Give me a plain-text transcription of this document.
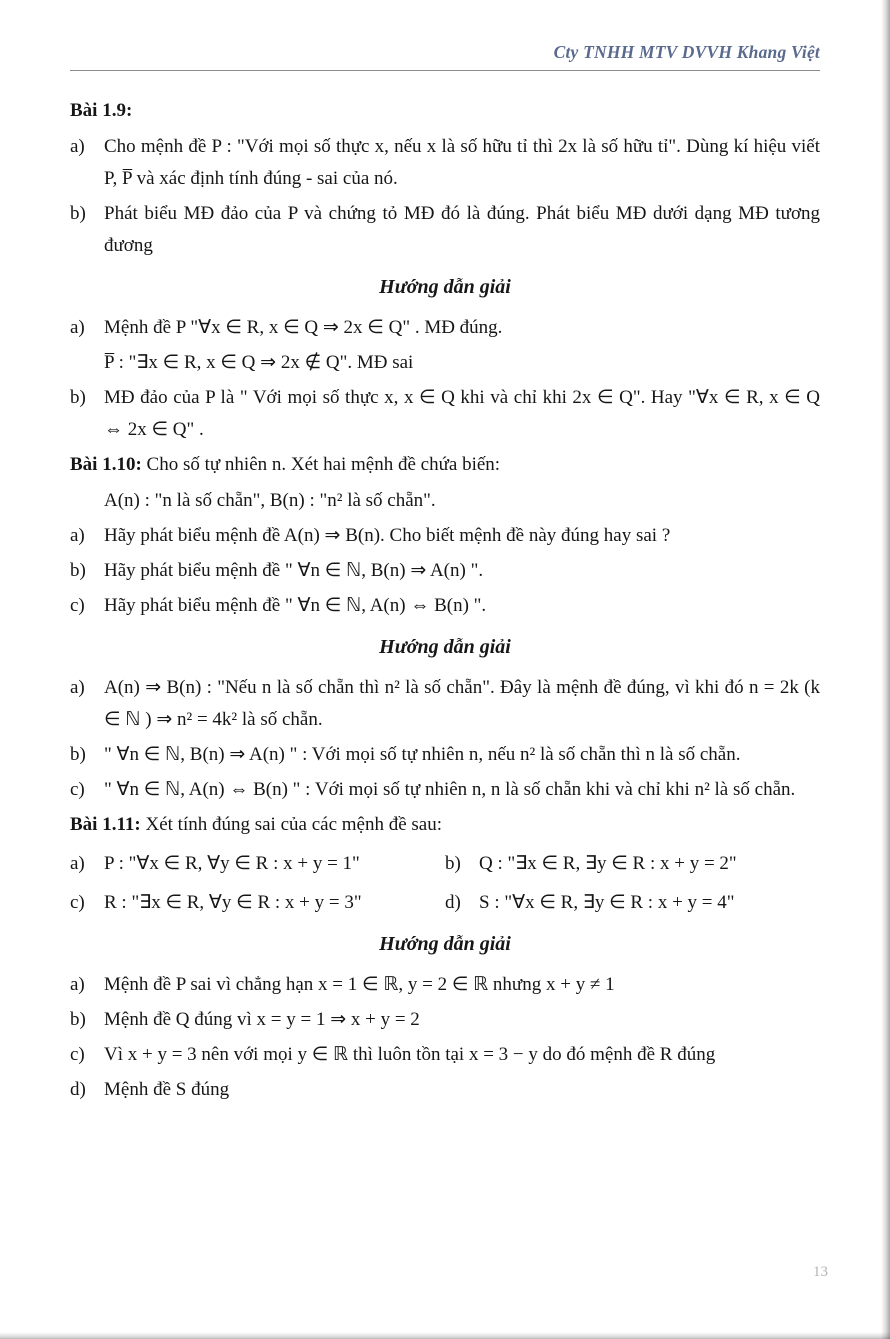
Cty TNHH MTV DVVH Khang Việt

Bài 1.9:

a)	Cho mệnh đề P : "Với mọi số thực x, nếu x là số hữu tỉ thì 2x là số hữu tỉ". Dùng kí hiệu viết P, P̅ và xác định tính đúng - sai của nó.
b) Phát biểu MĐ đảo của P và chứng tỏ MĐ đó là đúng. Phát biểu MĐ dưới dạng MĐ tương đương

Hướng dẫn giải

a)	Mệnh đề P "∀x ∈ R, x ∈ Q ⇒ 2x ∈ Q" . MĐ đúng.
P̅ : "∃x ∈ R, x ∈ Q ⇒ 2x ∉ Q". MĐ sai
b) MĐ đảo của P là " Với mọi số thực x, x ∈ Q khi và chỉ khi 2x ∈ Q". Hay "∀x ∈ R, x ∈ Q ⇔ 2x ∈ Q" .

Bài 1.10: Cho số tự nhiên n. Xét hai mệnh đề chứa biến:

A(n) : "n là số chẵn", B(n) : "n² là số chẵn".

a)	Hãy phát biểu mệnh đề A(n) ⇒ B(n). Cho biết mệnh đề này đúng hay sai ?
b) Hãy phát biểu mệnh đề " ∀n ∈ ℕ, B(n) ⇒ A(n) ".
c)	Hãy phát biểu mệnh đề " ∀n ∈ ℕ, A(n) ⇔ B(n) ".

Hướng dẫn giải

a)	A(n) ⇒ B(n) : "Nếu n là số chẵn thì n² là số chẵn". Đây là mệnh đề đúng, vì khi đó n = 2k (k ∈ ℕ ) ⇒ n² = 4k² là số chẵn.
b) " ∀n ∈ ℕ, B(n) ⇒ A(n) " : Với mọi số tự nhiên n, nếu n² là số chẵn thì n là số chẵn.
c)	" ∀n ∈ ℕ, A(n) ⇔ B(n) " : Với mọi số tự nhiên n, n là số chẵn khi và chỉ khi n² là số chẵn.

Bài 1.11: Xét tính đúng sai của các mệnh đề sau:

a)	P : "∀x ∈ R, ∀y ∈ R : x + y = 1"	b) Q : "∃x ∈ R, ∃y ∈ R : x + y = 2"
c)	R : "∃x ∈ R, ∀y ∈ R : x + y = 3"	d) S : "∀x ∈ R, ∃y ∈ R : x + y = 4"

Hướng dẫn giải

a)	Mệnh đề P sai vì chẳng hạn x = 1 ∈ ℝ, y = 2 ∈ ℝ nhưng x + y ≠ 1
b) Mệnh đề Q đúng vì x = y = 1 ⇒ x + y = 2
c)	Vì x + y = 3 nên với mọi y ∈ ℝ thì luôn tồn tại x = 3 − y do đó mệnh đề R đúng
d) Mệnh đề S đúng
13
